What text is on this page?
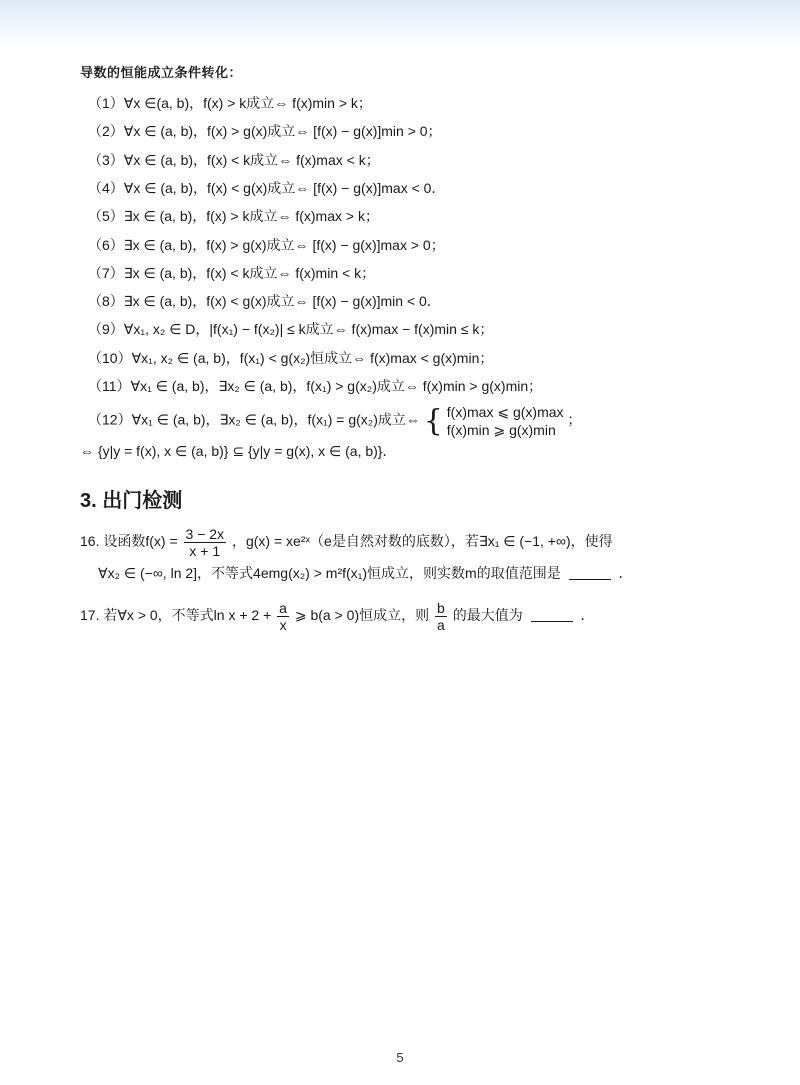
导数的恒能成立条件转化：
（1）∀x ∈(a, b)，f(x) > k成立⇔ f(x)min > k；
（2）∀x ∈ (a, b)，f(x) > g(x)成立⇔ [f(x) − g(x)]min > 0；
（3）∀x ∈ (a, b)，f(x) < k成立⇔ f(x)max < k；
（4）∀x ∈ (a, b)，f(x) < g(x)成立⇔ [f(x) − g(x)]max < 0．
（5）∃x ∈ (a, b)，f(x) > k成立⇔ f(x)max > k；
（6）∃x ∈ (a, b)，f(x) > g(x)成立⇔ [f(x) − g(x)]max > 0；
（7）∃x ∈ (a, b)，f(x) < k成立⇔ f(x)min < k；
（8）∃x ∈ (a, b)，f(x) < g(x)成立⇔ [f(x) − g(x)]min < 0．
（9）∀x₁, x₂ ∈ D，|f(x₁) − f(x₂)| ≤ k成立⇔ f(x)max − f(x)min ≤ k；
（10）∀x₁, x₂ ∈ (a, b)，f(x₁) < g(x₂)恒成立⇔ f(x)max < g(x)min；
（11）∀x₁ ∈ (a, b)，∃x₂ ∈ (a, b)，f(x₁) > g(x₂)成立⇔ f(x)min > g(x)min；
（12）∀x₁ ∈ (a, b)，∃x₂ ∈ (a, b)，f(x₁) = g(x₂)成立⇔ { f(x)max ⩽ g(x)max
f(x)min ⩾ g(x)min
；
⇔ {y|y = f(x), x ∈ (a, b)} ⊆ {y|y = g(x), x ∈ (a, b)}．
3. 出门检测
16. 设函数$f(x) = \frac{3 - 2x}{x + 1}$ ，g(x) = xe²ˣ（e是自然对数的底数），若∃x₁ ∈ (−1, +∞)，使得
∀x₂ ∈ (−∞, ln 2]，不等式4emg(x₂) > m²f(x₁)恒成立，则实数m的取值范围是	．
17. 若∀x > 0，不等式$\ln x + 2 + \frac{a}{x}$ ⩾ b(a > 0)恒成立，则 $\frac{b}{a}$ 的最大值为	．
5
